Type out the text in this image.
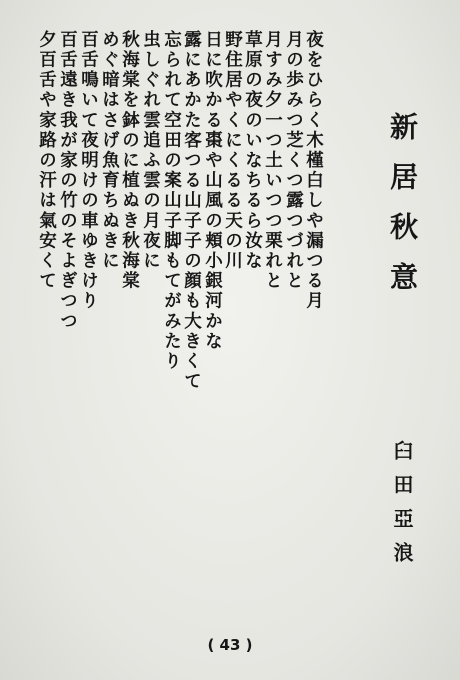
新居秋意
夜をひらく木槿白しや漏つる月
月の歩みつ芝くつ露つづれと
月すみ夕一つ土いつつ栗れと
草原の夜のいなちるら汝な
野住居やくにくるる天の川
日に吹かる棗や山風の頬小銀河かな
露にあかた客つる山子子の顔も大きくて
忘られて空田の案山子脚もてがみたり
虫しぐれ雲追ふ雲の月夜に
秋海棠を鉢のに植ぬき秋海棠
めぐ暗はさげ魚育ちぬきに
百舌鳴いて夜明けの車ゆきけり
百舌遠き我が家の竹のそよぎつつ
夕百舌や家路の汗は氣安くて
臼田亞浪
( 43 )
